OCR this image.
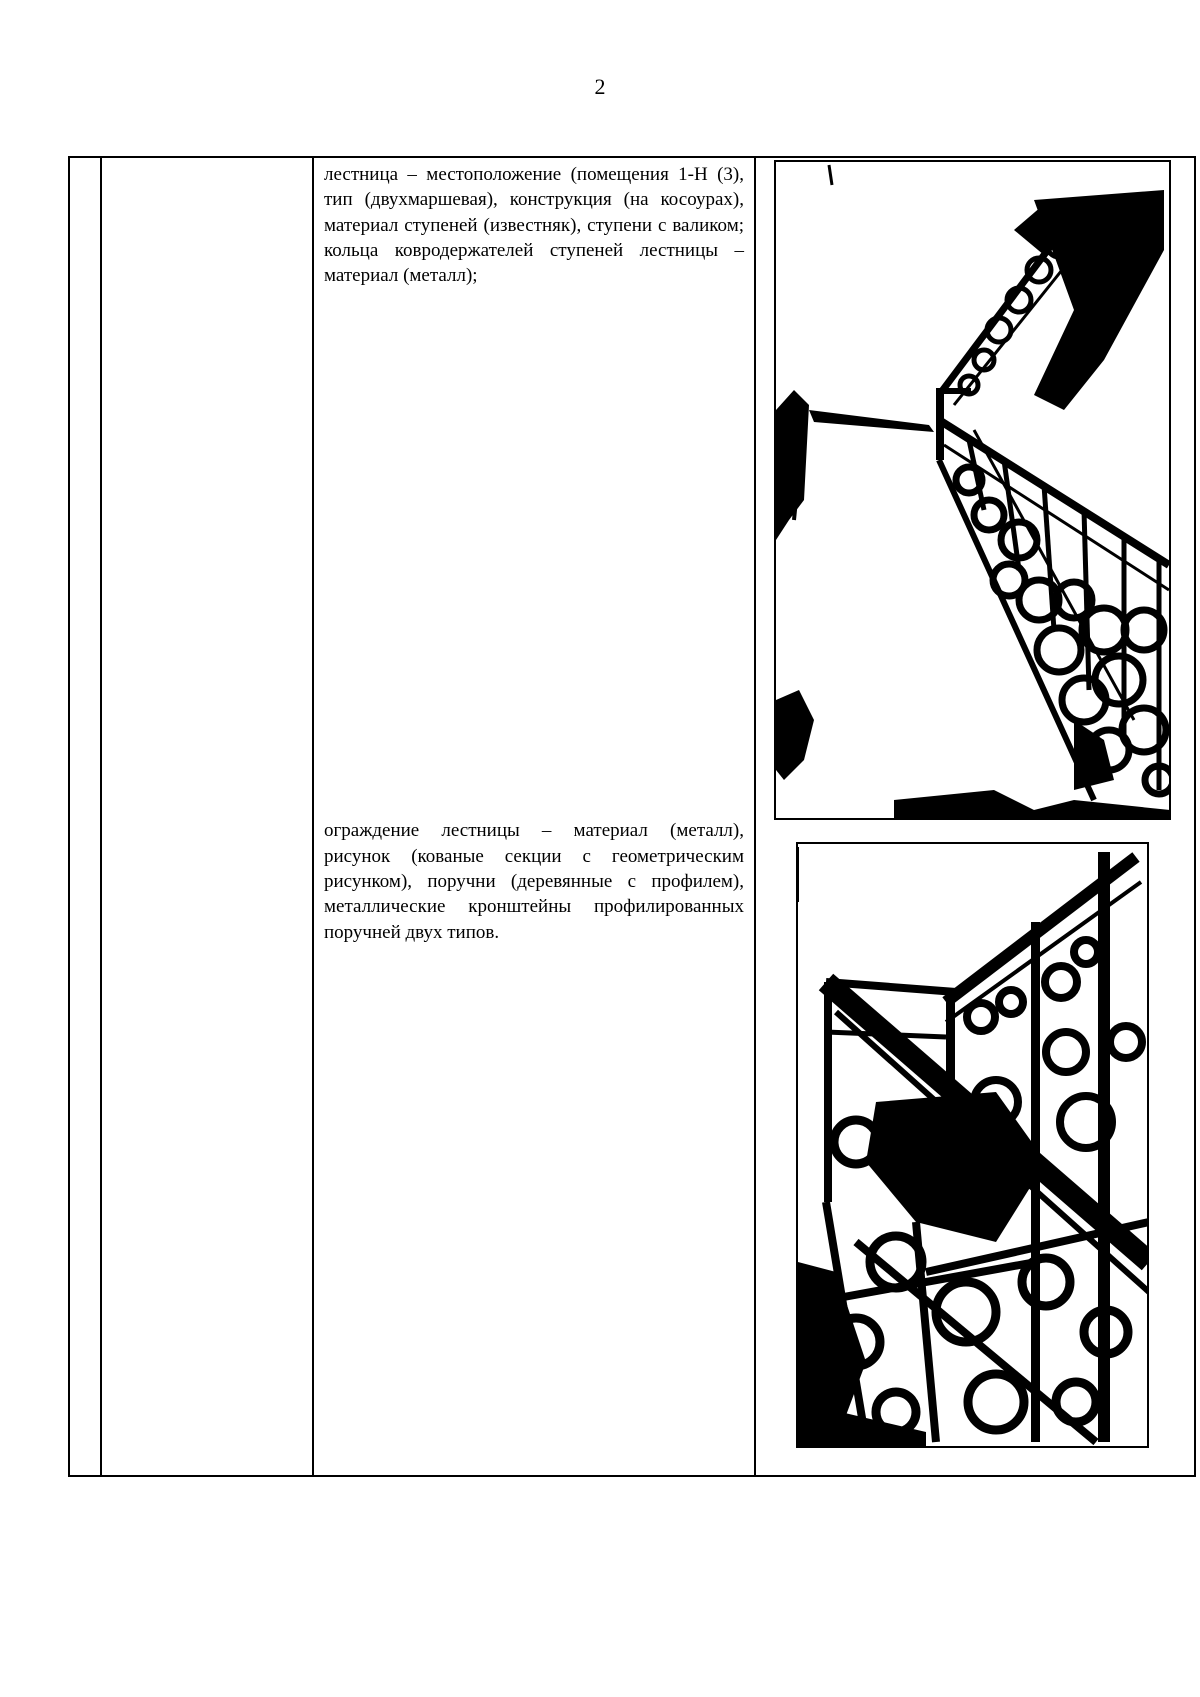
2

лестница – местоположение (помещения 1-Н (3), тип (двухмаршевая), конструкция (на косоурах), материал ступеней (известняк), ступени с валиком; кольца ковродержателей ступеней лестницы – материал (металл);
ограждение лестницы – материал (металл), рисунок (кованые секции с геометрическим рисунком), поручни (деревянные с профилем), металлические кронштейны профилированных поручней двух типов.
